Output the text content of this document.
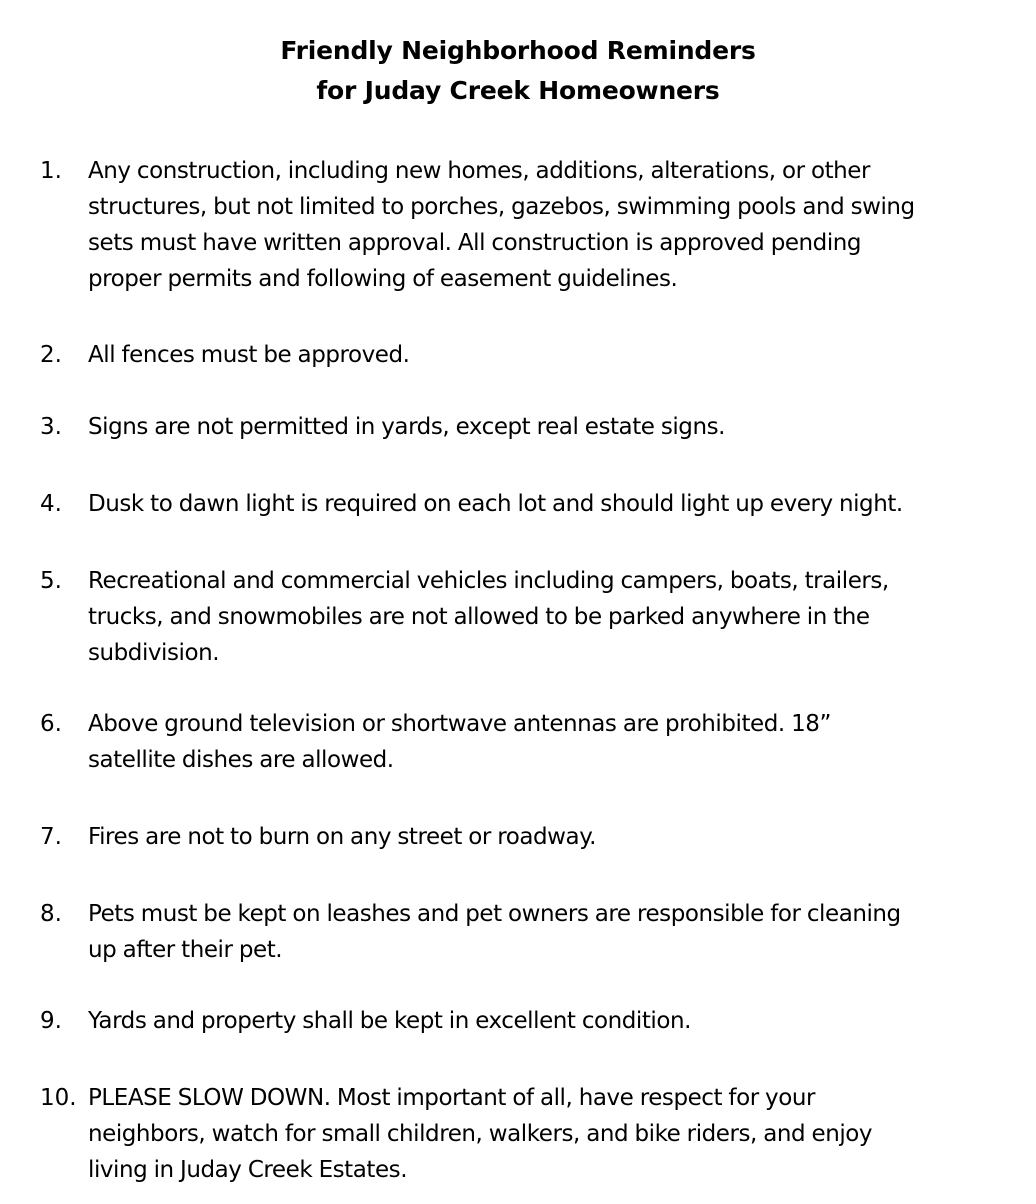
Friendly Neighborhood Reminders
for Juday Creek Homeowners
1. Any construction, including new homes, additions, alterations, or other
structures, but not limited to porches, gazebos, swimming pools and swing
sets must have written approval. All construction is approved pending
proper permits and following of easement guidelines.
2. All fences must be approved.
3. Signs are not permitted in yards, except real estate signs.
4. Dusk to dawn light is required on each lot and should light up every night.
5. Recreational and commercial vehicles including campers, boats, trailers,
trucks, and snowmobiles are not allowed to be parked anywhere in the
subdivision.
6. Above ground television or shortwave antennas are prohibited. 18”
satellite dishes are allowed.
7. Fires are not to burn on any street or roadway.
8. Pets must be kept on leashes and pet owners are responsible for cleaning
up after their pet.
9. Yards and property shall be kept in excellent condition.
10. PLEASE SLOW DOWN. Most important of all, have respect for your
neighbors, watch for small children, walkers, and bike riders, and enjoy
living in Juday Creek Estates.
